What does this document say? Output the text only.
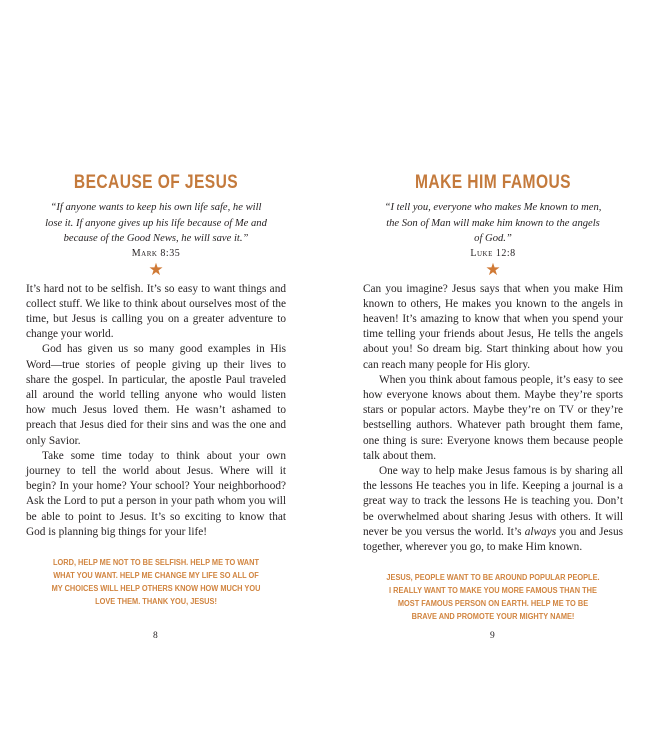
BECAUSE OF JESUS
“If anyone wants to keep his own life safe, he will lose it. If anyone gives up his life because of Me and because of the Good News, he will save it.”
Mark 8:35
★

It’s hard not to be selfish. It’s so easy to want things and collect stuff. We like to think about ourselves most of the time, but Jesus is calling you on a greater adventure to change your world.

God has given us so many good examples in His Word—true stories of people giving up their lives to share the gospel. In particular, the apostle Paul traveled all around the world telling anyone who would listen how much Jesus loved them. He wasn’t ashamed to preach that Jesus died for their sins and was the one and only Savior.

Take some time today to think about your own journey to tell the world about Jesus. Where will it begin? In your home? Your school? Your neighborhood? Ask the Lord to put a person in your path whom you will be able to point to Jesus. It’s so exciting to know that God is planning big things for your life!

LORD, HELP ME NOT TO BE SELFISH. HELP ME TO WANT WHAT YOU WANT. HELP ME CHANGE MY LIFE SO ALL OF MY CHOICES WILL HELP OTHERS KNOW HOW MUCH YOU LOVE THEM. THANK YOU, JESUS!
MAKE HIM FAMOUS
“I tell you, everyone who makes Me known to men, the Son of Man will make him known to the angels of God.”
Luke 12:8
★

Can you imagine? Jesus says that when you make Him known to others, He makes you known to the angels in heaven! It’s amazing to know that when you spend your time telling your friends about Jesus, He tells the angels about you! So dream big. Start thinking about how you can reach many people for His glory.

When you think about famous people, it’s easy to see how everyone knows about them. Maybe they’re sports stars or popular actors. Maybe they’re on TV or they’re bestselling authors. Whatever path brought them fame, one thing is sure: Everyone knows them because people talk about them.

One way to help make Jesus famous is by sharing all the lessons He teaches you in life. Keeping a journal is a great way to track the lessons He is teaching you. Don’t be overwhelmed about sharing Jesus with others. It will never be you versus the world. It’s always you and Jesus together, wherever you go, to make Him known.

JESUS, PEOPLE WANT TO BE AROUND POPULAR PEOPLE. I REALLY WANT TO MAKE YOU MORE FAMOUS THAN THE MOST FAMOUS PERSON ON EARTH. HELP ME TO BE BRAVE AND PROMOTE YOUR MIGHTY NAME!
8	9
